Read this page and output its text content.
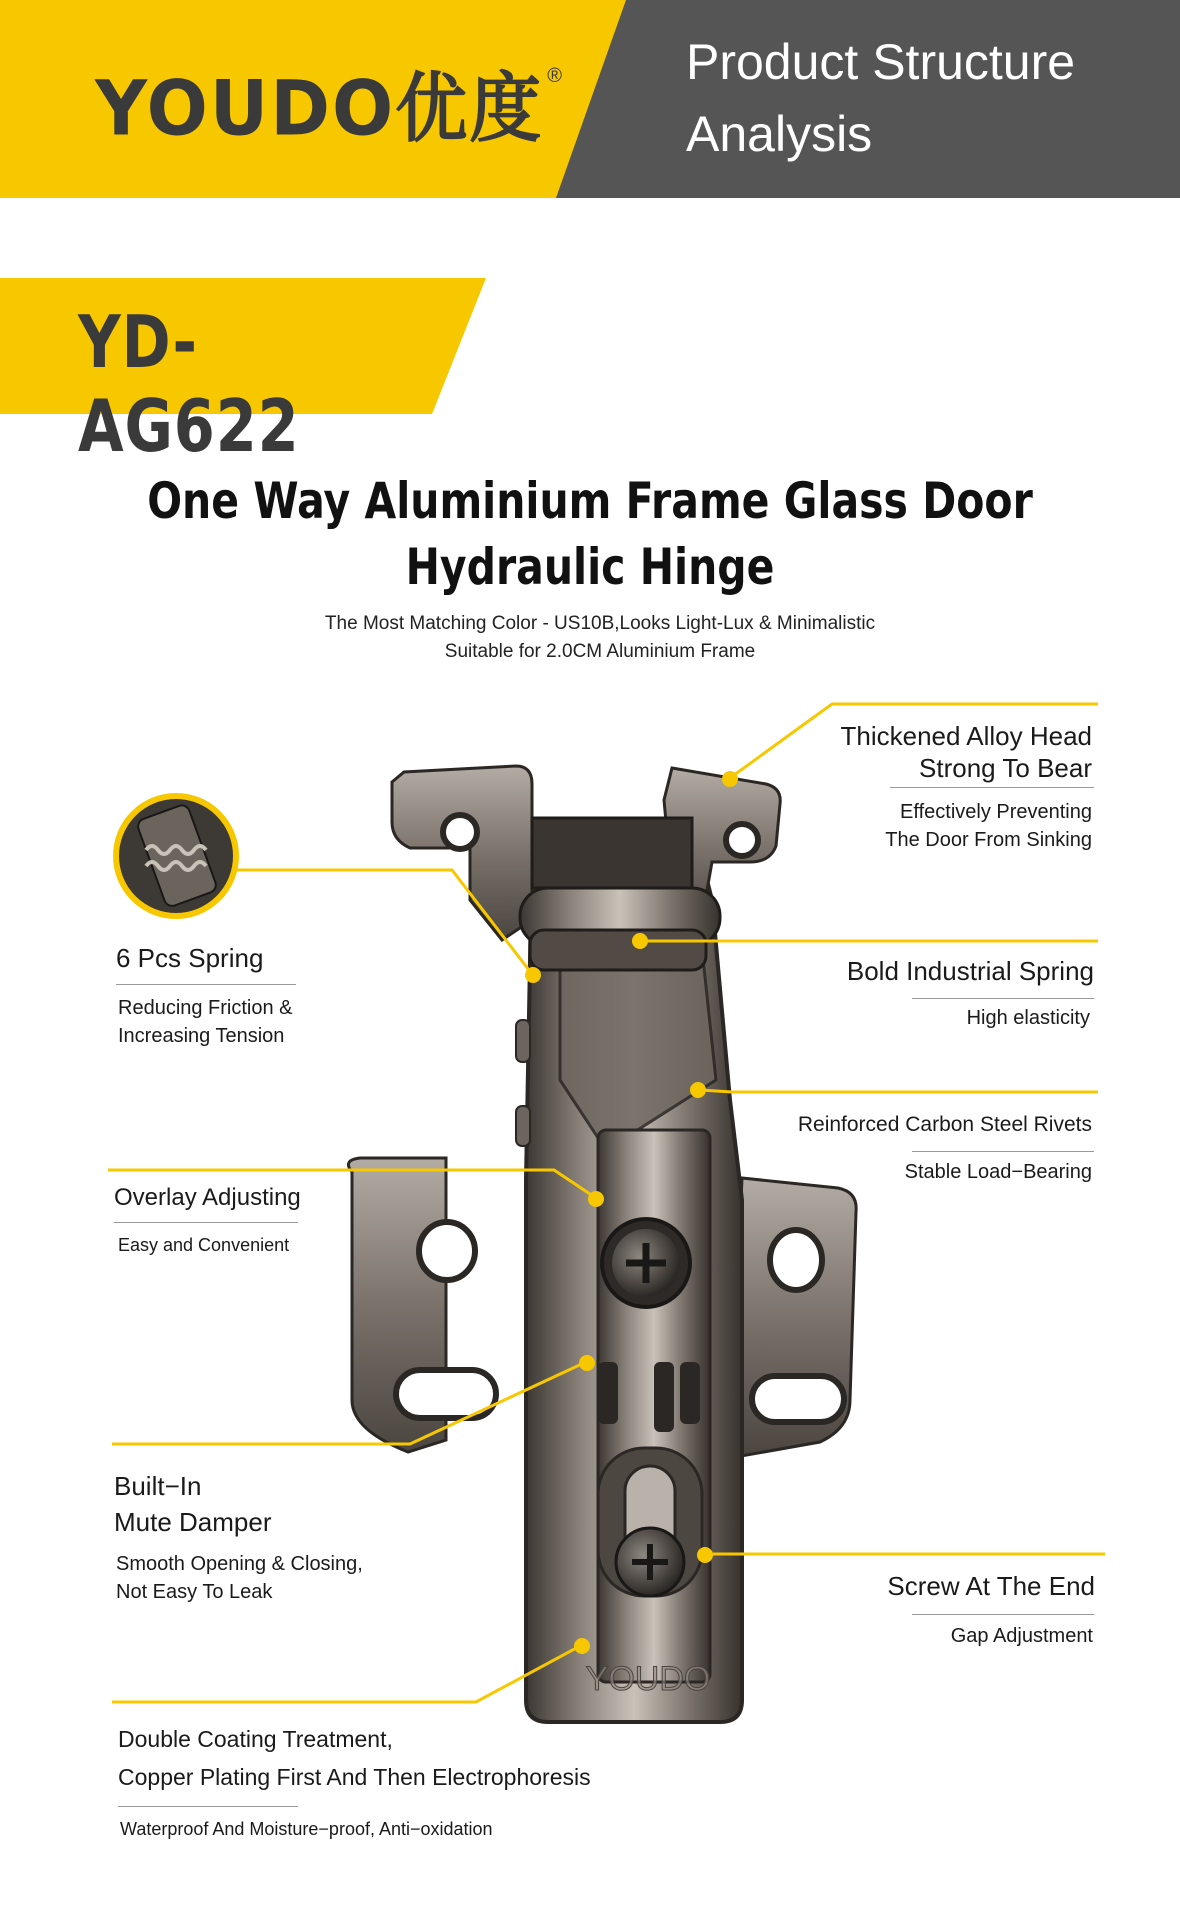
YOUDO优度 ® Product Structure
Analysis
YD-AG622
One Way Aluminium Frame Glass Door
Hydraulic Hinge
The Most Matching Color - US10B,Looks Light-Lux & Minimalistic
Suitable for 2.0CM Aluminium Frame
YOUDO
Thickened Alloy Head
Strong To Bear
Effectively Preventing
The Door From Sinking
6 Pcs Spring
Reducing Friction &
Increasing Tension
Bold Industrial Spring
High elasticity
Reinforced Carbon Steel Rivets
Stable Load−Bearing
Overlay Adjusting
Easy and Convenient
Built−In
Mute Damper
Smooth Opening & Closing,
Not Easy To Leak	Screw At The End
Gap Adjustment
Double Coating Treatment,
Copper Plating First And Then Electrophoresis
Waterproof And Moisture−proof, Anti−oxidation
